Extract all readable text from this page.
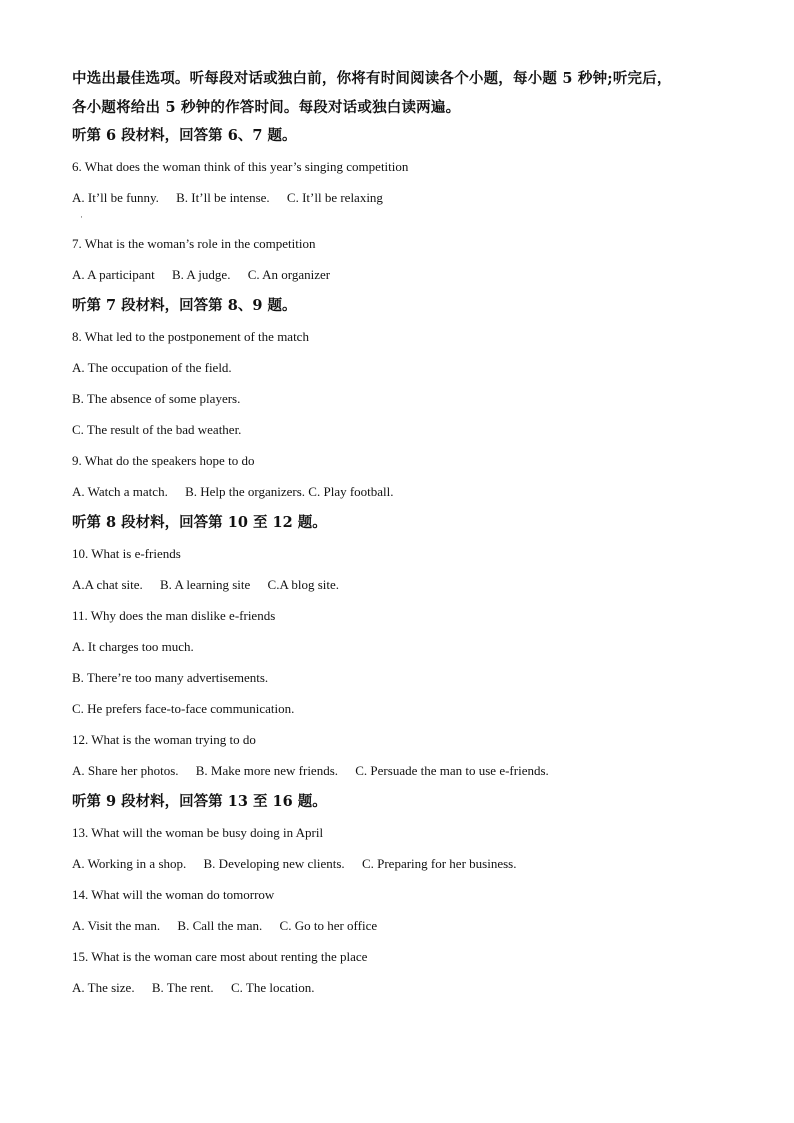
中选出最佳选项。听每段对话或独白前，你将有时间阅读各个小题，每小题 5 秒钟;听完后，
各小题将给出 5 秒钟的作答时间。每段对话或独白读两遍。
听第 6 段材料，回答第 6、7 题。
6. What does the woman think of this year’s singing competition
A. It’ll be funny. B. It’ll be intense. C. It’ll be relaxing
·
7. What is the woman’s role in the competition
A. A participant B. A judge. C. An organizer
听第 7 段材料，回答第 8、9 题。
8. What led to the postponement of the match
A. The occupation of the field.
B. The absence of some players.
C. The result of the bad weather.
9. What do the speakers hope to do
A. Watch a match. B. Help the organizers. C. Play football.
听第 8 段材料，回答第 10 至 12 题。
10. What is e-friends
A.A chat site. B. A learning site C.A blog site.
11. Why does the man dislike e-friends
A. It charges too much.
B. There’re too many advertisements.
C. He prefers face-to-face communication.
12. What is the woman trying to do
A. Share her photos. B. Make more new friends. C. Persuade the man to use e-friends.
听第 9 段材料，回答第 13 至 16 题。
13. What will the woman be busy doing in April
A. Working in a shop. B. Developing new clients. C. Preparing for her business.
14. What will the woman do tomorrow
A. Visit the man. B. Call the man. C. Go to her office
15. What is the woman care most about renting the place
A. The size. B. The rent. C. The location.
